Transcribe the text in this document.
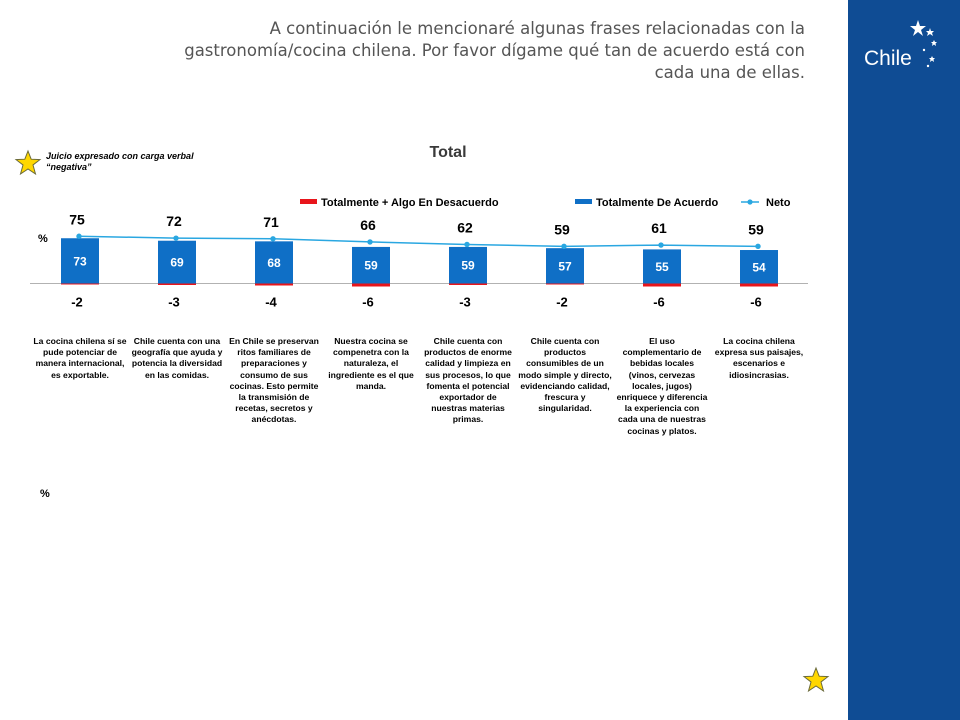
A continuación le mencionaré algunas frases relacionadas con la gastronomía/cocina chilena. Por favor dígame qué tan de acuerdo está con cada una de ellas.
Chile
Juicio expresado con carga verbal “negativa”
Total
Totalmente + Algo En Desacuerdo	Totalmente De Acuerdo	Neto
%
73	69	68	59	59	57	55	54
-2	-3	-4	-6	-3	-2	-6	-6
75	72	71	66	62	59	61	59
La cocina chilena sí se pude potenciar de manera internacional, es exportable.
Chile cuenta con una geografía que ayuda y potencia la diversidad en las comidas.
En Chile se preservan ritos familiares de preparaciones y consumo de sus cocinas. Esto permite la transmisión de recetas, secretos y anécdotas.
Nuestra cocina se compenetra con la naturaleza, el ingrediente es el que manda.
Chile cuenta con productos de enorme calidad y limpieza en sus procesos, lo que fomenta el potencial exportador de nuestras materias primas.
Chile cuenta con productos consumibles de un modo simple y directo, evidenciando calidad, frescura y singularidad.
El uso complementario de bebidas locales (vinos, cervezas locales, jugos) enriquece y diferencia la experiencia con cada una de nuestras cocinas y platos.
La cocina chilena expresa sus paisajes, escenarios e idiosincrasias.
%
